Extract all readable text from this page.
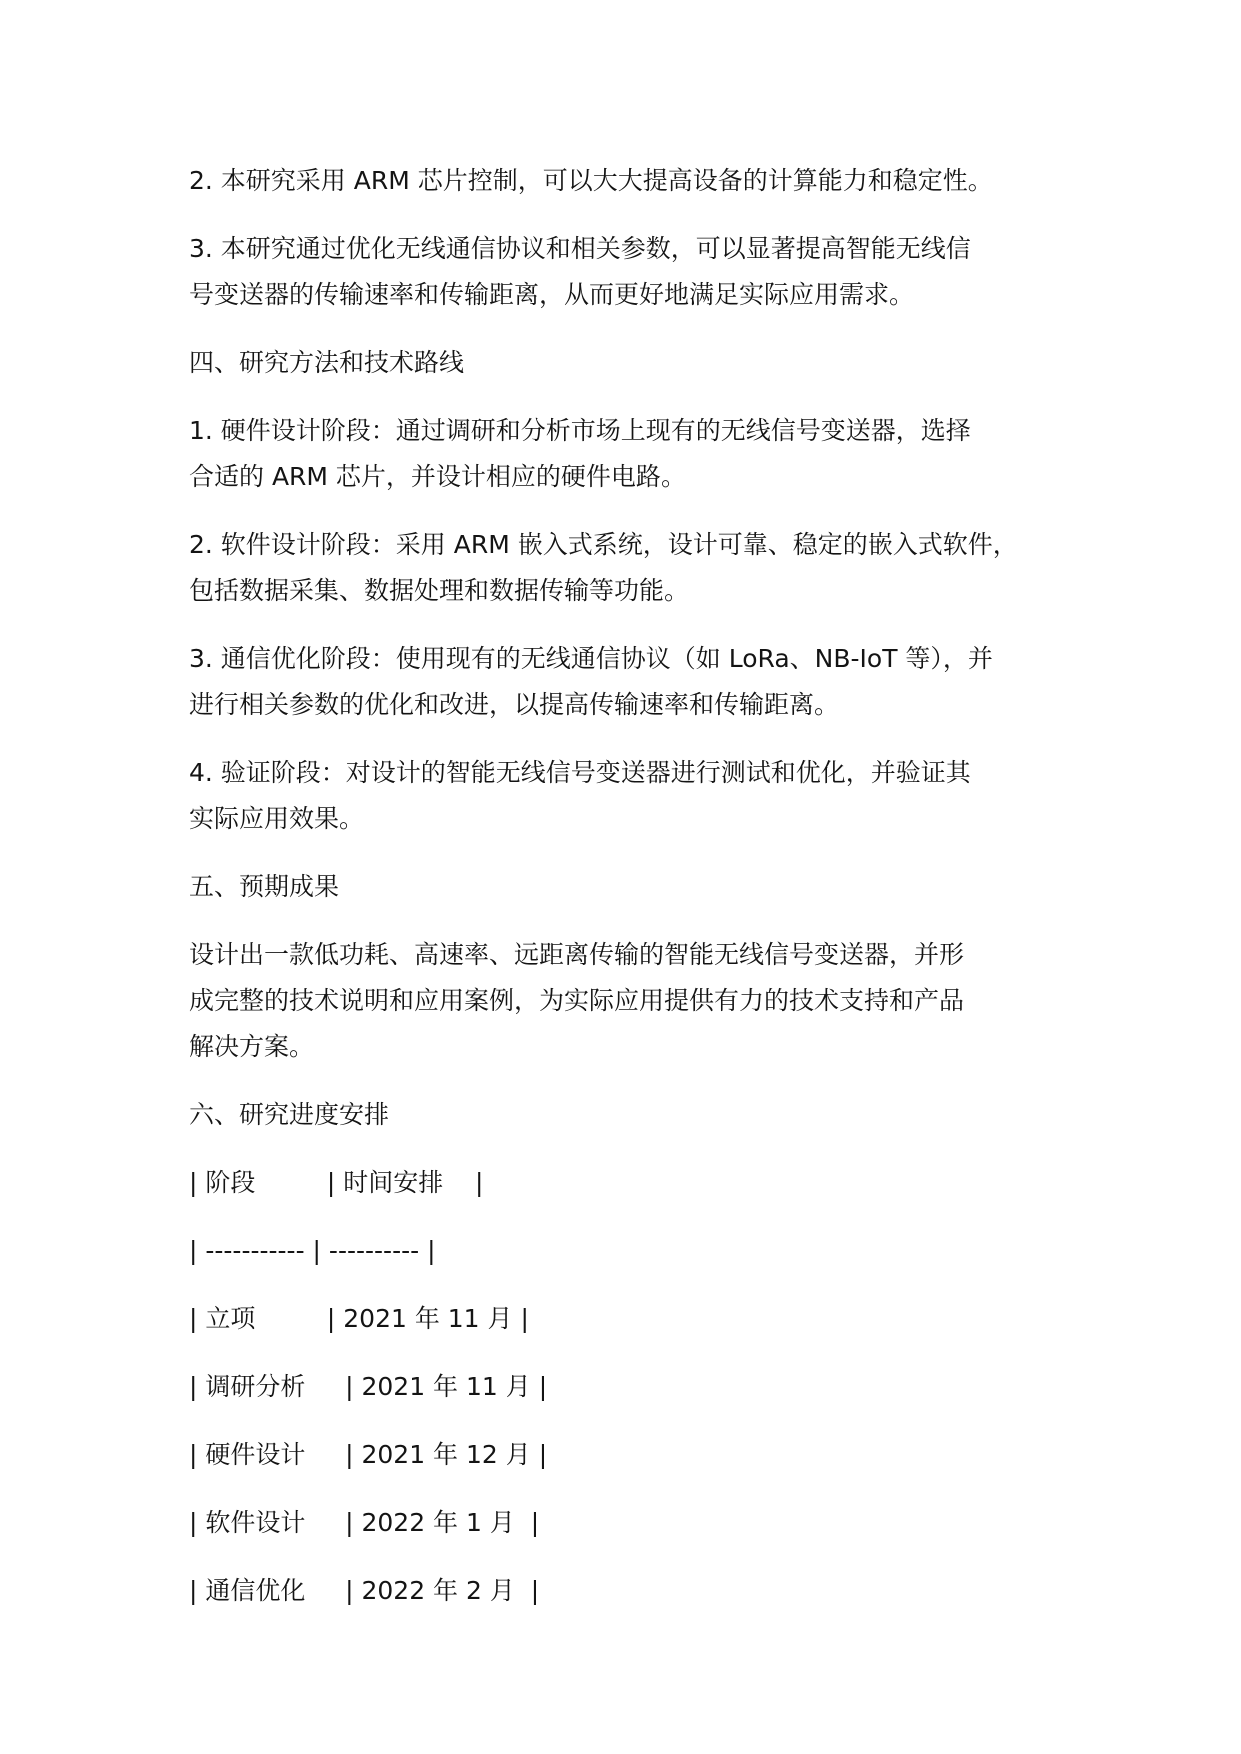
2. 本研究采用 ARM 芯片控制，可以大大提高设备的计算能力和稳定性。

3. 本研究通过优化无线通信协议和相关参数，可以显著提高智能无线信
号变送器的传输速率和传输距离，从而更好地满足实际应用需求。

四、研究方法和技术路线

1. 硬件设计阶段：通过调研和分析市场上现有的无线信号变送器，选择
合适的 ARM 芯片，并设计相应的硬件电路。

2. 软件设计阶段：采用 ARM 嵌入式系统，设计可靠、稳定的嵌入式软件，
包括数据采集、数据处理和数据传输等功能。

3. 通信优化阶段：使用现有的无线通信协议（如 LoRa、NB-IoT 等），并
进行相关参数的优化和改进，以提高传输速率和传输距离。

4. 验证阶段：对设计的智能无线信号变送器进行测试和优化，并验证其
实际应用效果。

五、预期成果

设计出一款低功耗、高速率、远距离传输的智能无线信号变送器，并形
成完整的技术说明和应用案例，为实际应用提供有力的技术支持和产品
解决方案。

六、研究进度安排

| 阶段         | 时间安排    |

| ----------- | ---------- |

| 立项         | 2021 年 11 月 |

| 调研分析     | 2021 年 11 月 |

| 硬件设计     | 2021 年 12 月 |

| 软件设计     | 2022 年 1 月  |

| 通信优化     | 2022 年 2 月  |
